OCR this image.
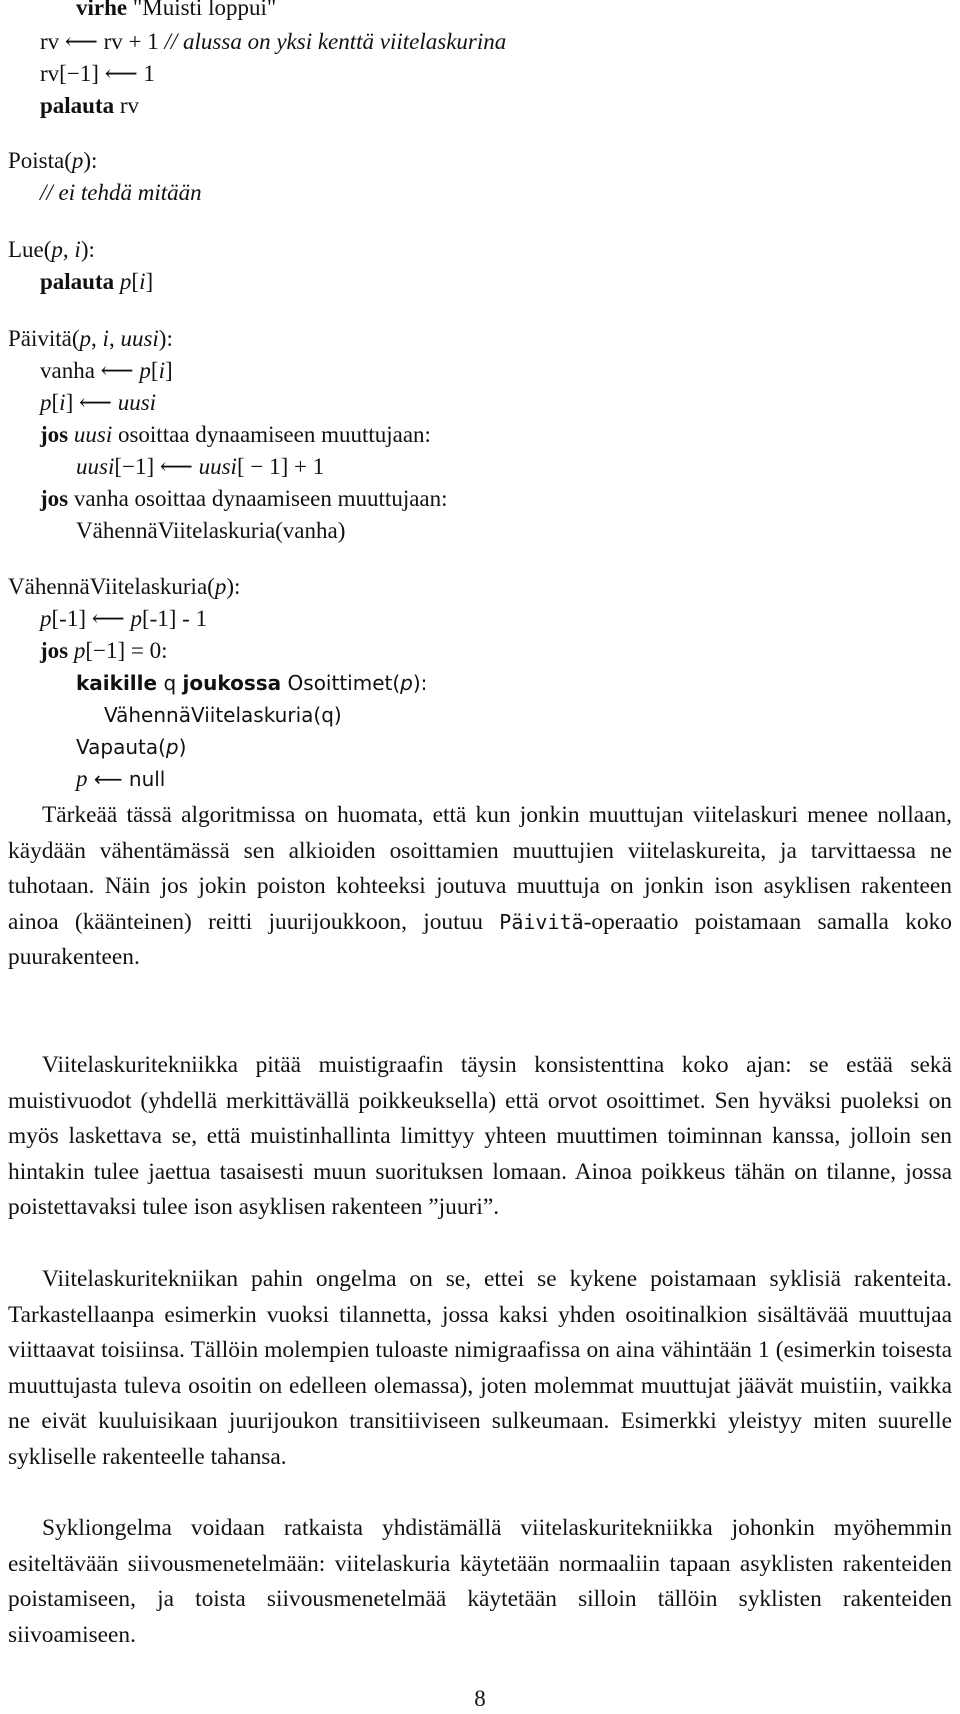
virhe "Muisti loppui"
rv ⟵ rv + 1 // alussa on yksi kenttä viitelaskurina
rv[−1] ⟵ 1
palauta rv
Poista(p):
// ei tehdä mitään
Lue(p, i):
palauta p[i]
Päivitä(p, i, uusi):
vanha ⟵ p[i]
p[i] ⟵ uusi
jos uusi osoittaa dynaamiseen muuttujaan:
uusi[−1] ⟵ uusi[ − 1] + 1
jos vanha osoittaa dynaamiseen muuttujaan:
VähennäViitelaskuria(vanha)
VähennäViitelaskuria(p):
p[-1] ⟵ p[-1] - 1
jos p[−1] = 0:
kaikille q joukossa Osoittimet(p):
VähennäViitelaskuria(q)
Vapauta(p)
p ⟵ null

Tärkeää tässä algoritmissa on huomata, että kun jonkin muuttujan viitelaskuri menee nollaan, käydään vähentämässä sen alkioiden osoittamien muuttujien viitelaskureita, ja tarvittaessa ne tuhotaan. Näin jos jokin poiston kohteeksi joutuva muuttuja on jonkin ison asyklisen rakenteen ainoa (käänteinen) reitti juurijoukkoon, joutuu Päivitä-operaatio poistamaan samalla koko puurakenteen.

Viitelaskuritekniikka pitää muistigraafin täysin konsistenttina koko ajan: se estää sekä muistivuodot (yhdellä merkittävällä poikkeuksella) että orvot osoittimet. Sen hyväksi puoleksi on myös laskettava se, että muistinhallinta limittyy yhteen muuttimen toiminnan kanssa, jolloin sen hintakin tulee jaettua tasaisesti muun suorituksen lomaan. Ainoa poikkeus tähän on tilanne, jossa poistettavaksi tulee ison asyklisen rakenteen ”juuri”.

Viitelaskuritekniikan pahin ongelma on se, ettei se kykene poistamaan syklisiä rakenteita. Tarkastellaanpa esimerkin vuoksi tilannetta, jossa kaksi yhden osoitinalkion sisältävää muuttujaa viittaavat toisiinsa. Tällöin molempien tuloaste nimigraafissa on aina vähintään 1 (esimerkin toisesta muuttujasta tuleva osoitin on edelleen olemassa), joten molemmat muuttujat jäävät muistiin, vaikka ne eivät kuuluisikaan juurijoukon transitiiviseen sulkeumaan. Esimerkki yleistyy miten suurelle sykliselle rakenteelle tahansa.

Sykliongelma voidaan ratkaista yhdistämällä viitelaskuritekniikka johonkin myöhemmin esiteltävään siivousmenetelmään: viitelaskuria käytetään normaaliin tapaan asyklisten rakenteiden poistamiseen, ja toista siivousmenetelmää käytetään silloin tällöin syklisten rakenteiden siivoamiseen.

8
